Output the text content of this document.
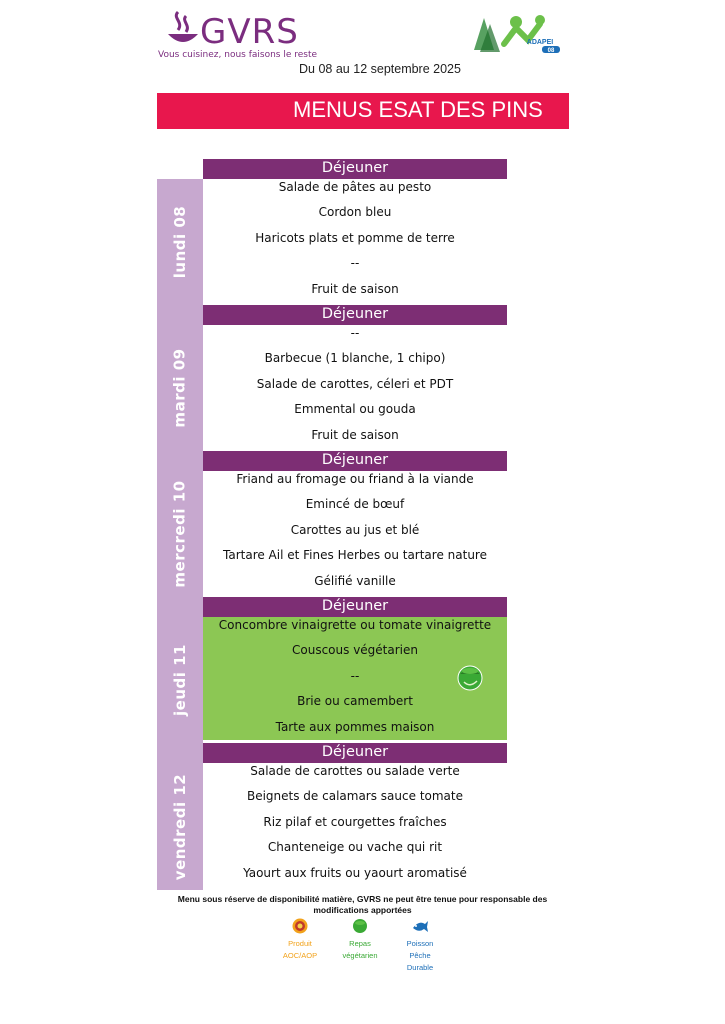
GVRS
Vous cuisinez, nous faisons le reste
ADAPEI
08
Du 08 au 12 septembre 2025
MENUS ESAT DES PINS
lundi 08
Déjeuner
Salade de pâtes au pesto
Cordon bleu
Haricots plats et pomme de terre
--
Fruit de saison
mardi 09
Déjeuner
--
Barbecue (1 blanche, 1 chipo)
Salade de carottes, céleri et PDT
Emmental ou gouda
Fruit de saison
mercredi 10
Déjeuner
Friand au fromage ou friand à la viande
Emincé de bœuf
Carottes au jus et blé
Tartare Ail et Fines Herbes ou tartare nature
Gélifié vanille
jeudi 11
Déjeuner
Concombre vinaigrette ou tomate vinaigrette
Couscous végétarien
--
Brie ou camembert
Tarte aux pommes maison
vendredi 12
Déjeuner
Salade de carottes ou salade verte
Beignets de calamars sauce tomate
Riz pilaf et courgettes fraîches
Chanteneige ou vache qui rit
Yaourt aux fruits ou yaourt aromatisé
Menu sous réserve de disponibilité matière, GVRS ne peut être tenue pour responsable des
modifications apportées
Produit
AOC/AOP
Repas
végétarien
Poisson
Pêche
Durable
